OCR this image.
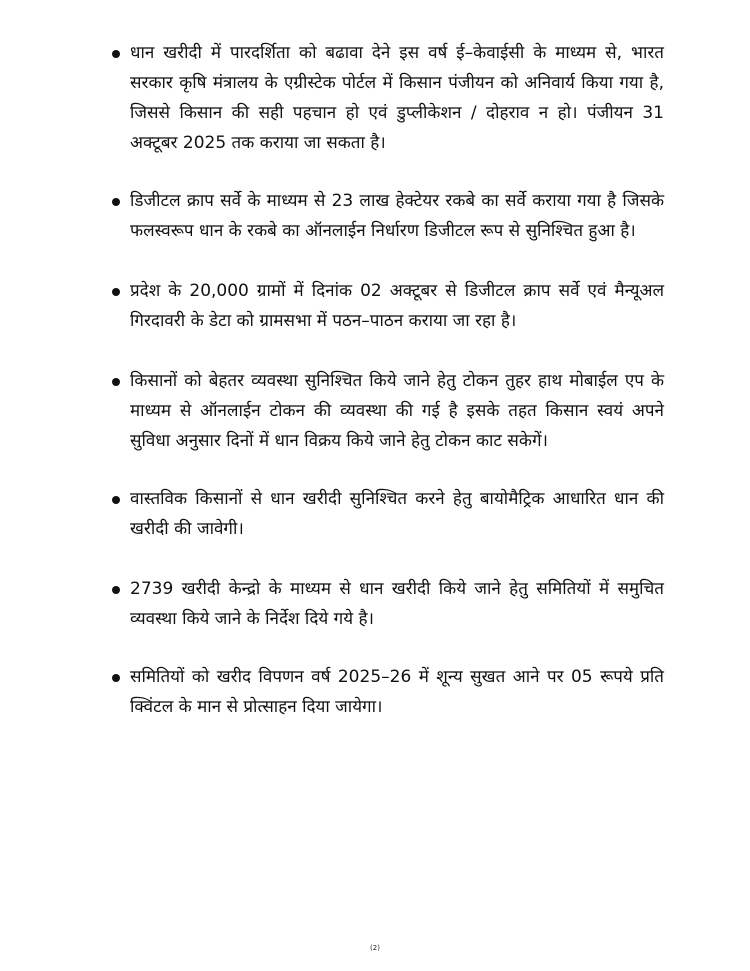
धान खरीदी में पारदर्शिता को बढावा देने इस वर्ष ई–केवाईसी के माध्यम से, भारत सरकार कृषि मंत्रालय के एग्रीस्टेक पोर्टल में किसान पंजीयन को अनिवार्य किया गया है, जिससे किसान की सही पहचान हो एवं डुप्लीकेशन / दोहराव न हो। पंजीयन 31 अक्टूबर 2025 तक कराया जा सकता है।
डिजीटल क्राप सर्वे के माध्यम से 23 लाख हेक्टेयर रकबे का सर्वे कराया गया है जिसके फलस्वरूप धान के रकबे का ऑनलाईन निर्धारण डिजीटल रूप से सुनिश्चित हुआ है।
प्रदेश के 20,000 ग्रामों में दिनांक 02 अक्टूबर से डिजीटल क्राप सर्वे एवं मैन्यूअल गिरदावरी के डेटा को ग्रामसभा में पठन–पाठन कराया जा रहा है।
किसानों को बेहतर व्यवस्था सुनिश्चित किये जाने हेतु टोकन तुहर हाथ मोबाईल एप के माध्यम से ऑनलाईन टोकन की व्यवस्था की गई है इसके तहत किसान स्वयं अपने सुविधा अनुसार दिनों में धान विक्रय किये जाने हेतु टोकन काट सकेगें।
वास्तविक किसानों से धान खरीदी सुनिश्चित करने हेतु बायोमैट्रिक आधारित धान की खरीदी की जावेगी।
2739 खरीदी केन्द्रो के माध्यम से धान खरीदी किये जाने हेतु समितियों में समुचित व्यवस्था किये जाने के निर्देश दिये गये है।
समितियों को खरीद विपणन वर्ष 2025–26 में शून्य सुखत आने पर 05 रूपये प्रति क्विंटल के मान से प्रोत्साहन दिया जायेगा।
(2)
